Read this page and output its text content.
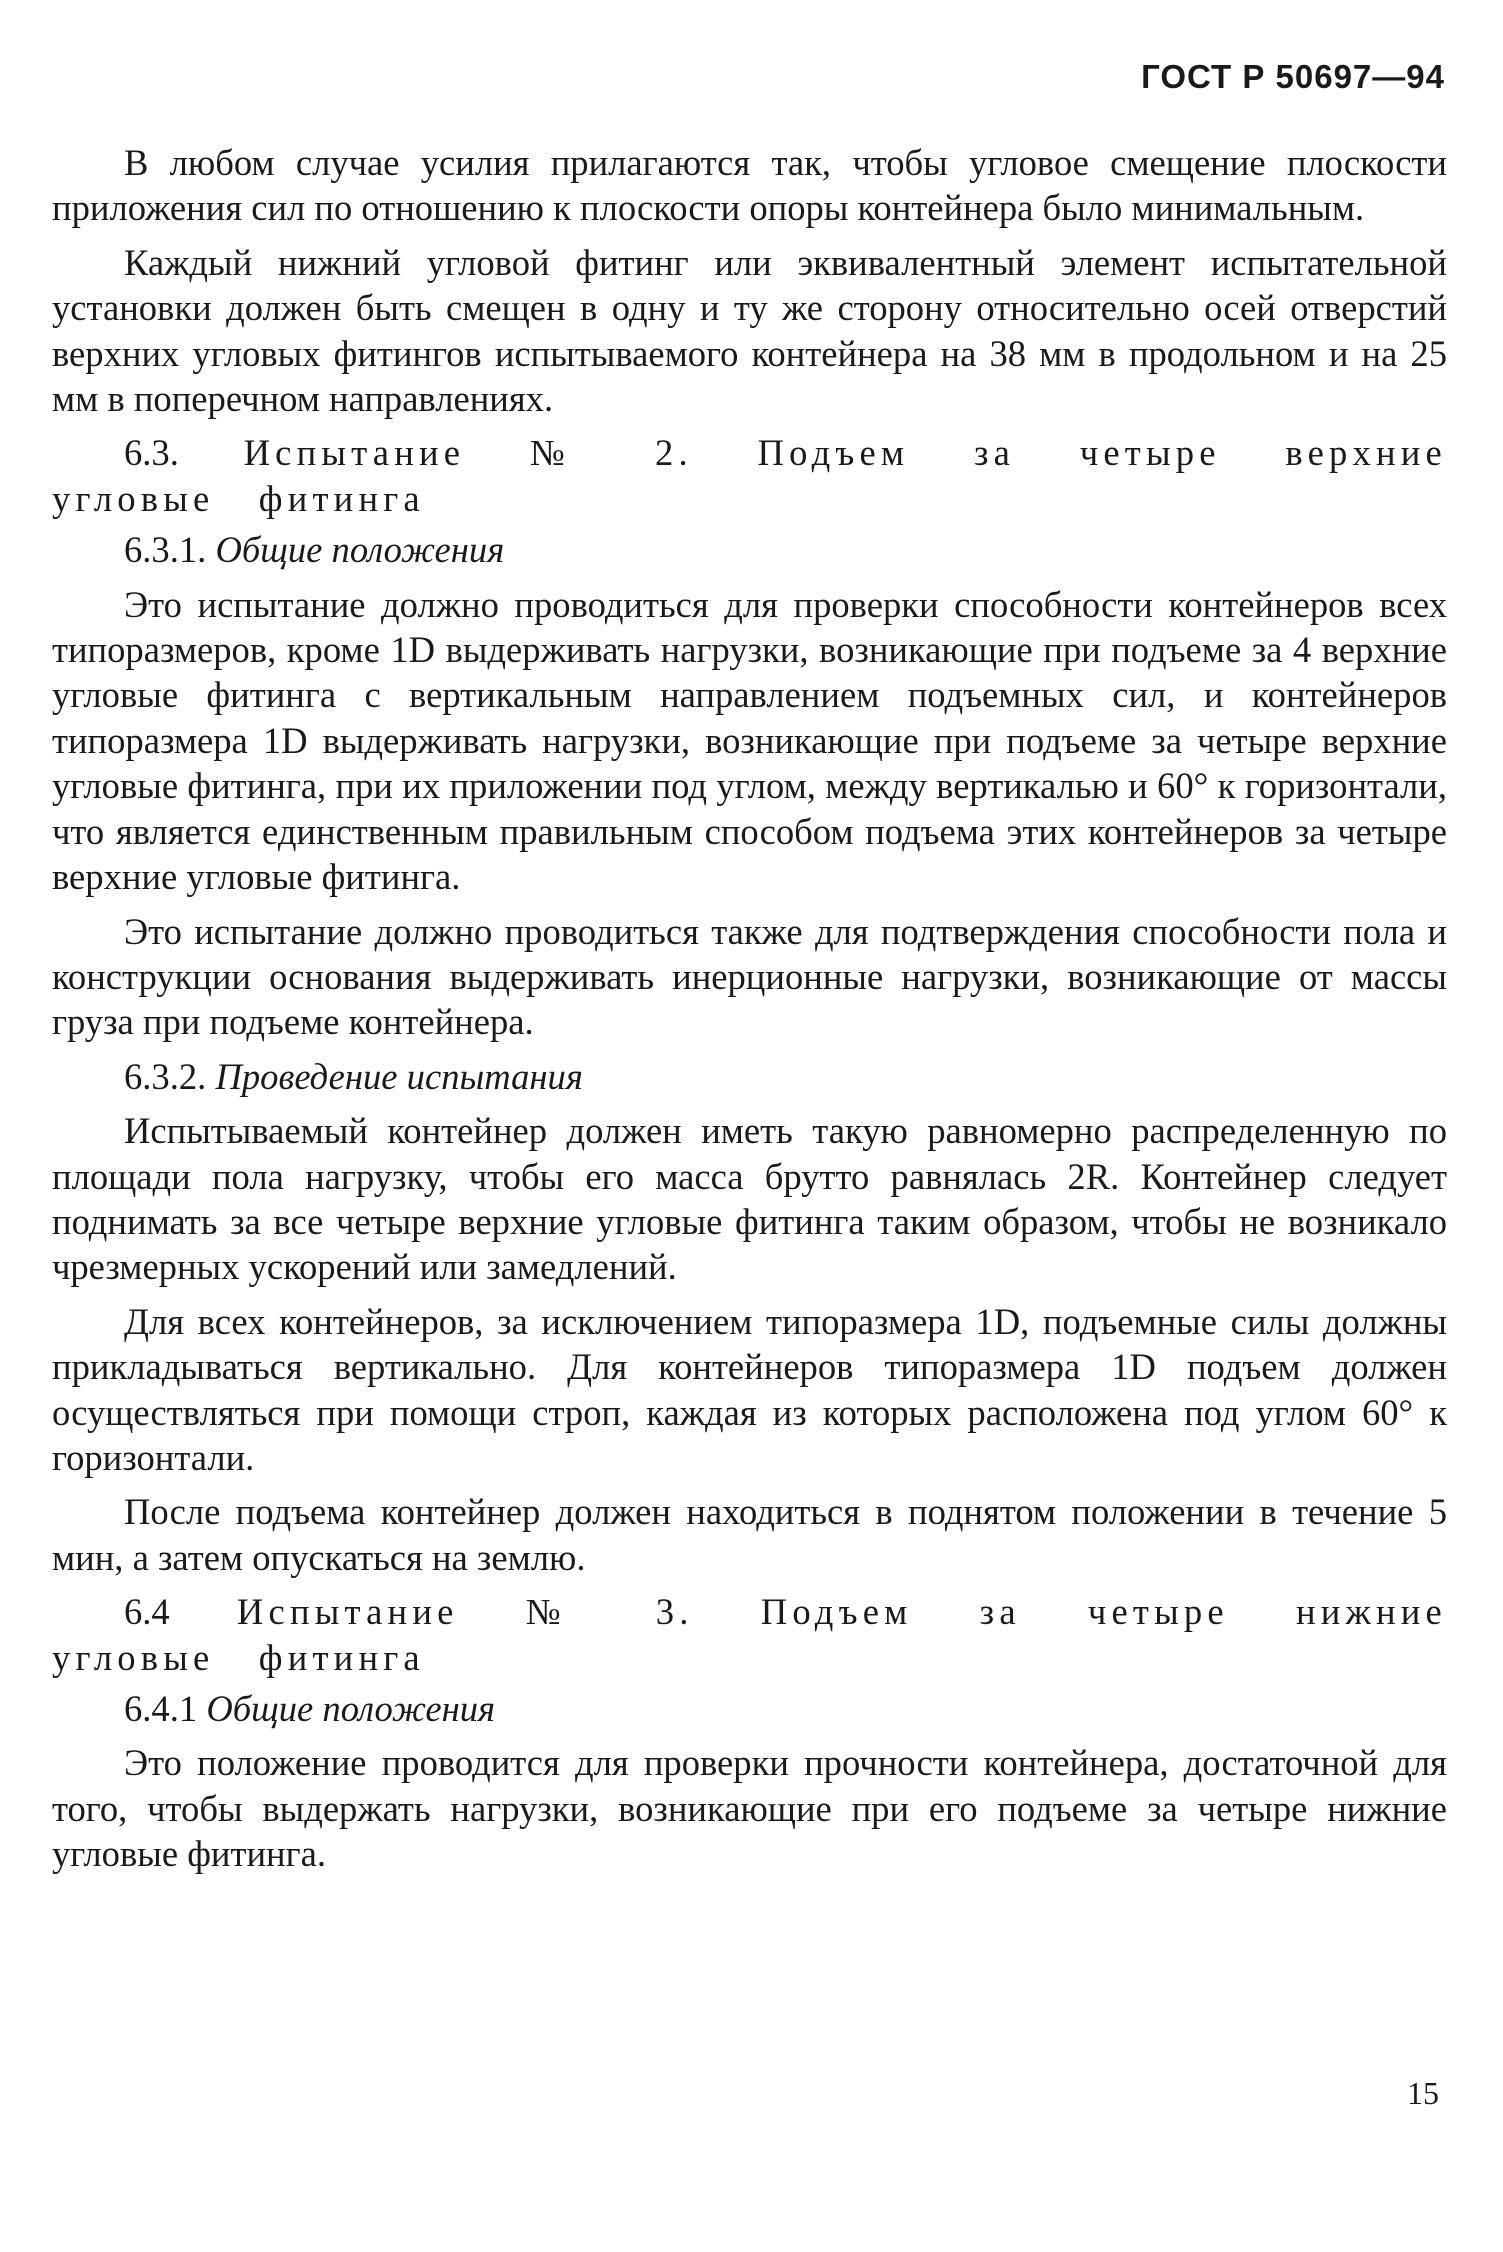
ГОСТ Р 50697—94

В любом случае усилия прилагаются так, чтобы угловое смещение плоскости приложения сил по отношению к плоскости опоры контейнера было минимальным.

Каждый нижний угловой фитинг или эквивалентный элемент испытательной установки должен быть смещен в одну и ту же сторону относительно осей отверстий верхних угловых фитингов испытываемого контейнера на 38 мм в продольном и на 25 мм в поперечном направлениях.

6.3. Испытание № 2. Подъем за четыре верхние угловые фитинга

6.3.1. Общие положения

Это испытание должно проводиться для проверки способности контейнеров всех типоразмеров, кроме 1D выдерживать нагрузки, возникающие при подъеме за 4 верхние угловые фитинга с вертикальным направлением подъемных сил, и контейнеров типоразмера 1D выдерживать нагрузки, возникающие при подъеме за четыре верхние угловые фитинга, при их приложении под углом, между вертикалью и 60° к горизонтали, что является единственным правильным способом подъема этих контейнеров за четыре верхние угловые фитинга.

Это испытание должно проводиться также для подтверждения способности пола и конструкции основания выдерживать инерционные нагрузки, возникающие от массы груза при подъеме контейнера.

6.3.2. Проведение испытания

Испытываемый контейнер должен иметь такую равномерно распределенную по площади пола нагрузку, чтобы его масса брутто равнялась 2R. Контейнер следует поднимать за все четыре верхние угловые фитинга таким образом, чтобы не возникало чрезмерных ускорений или замедлений.

Для всех контейнеров, за исключением типоразмера 1D, подъемные силы должны прикладываться вертикально. Для контейнеров типоразмера 1D подъем должен осуществляться при помощи строп, каждая из которых расположена под углом 60° к горизонтали.

После подъема контейнер должен находиться в поднятом положении в течение 5 мин, а затем опускаться на землю.

6.4 Испытание № 3. Подъем за четыре нижние угловые фитинга

6.4.1 Общие положения

Это положение проводится для проверки прочности контейнера, достаточной для того, чтобы выдержать нагрузки, возникающие при его подъеме за четыре нижние угловые фитинга.

15
